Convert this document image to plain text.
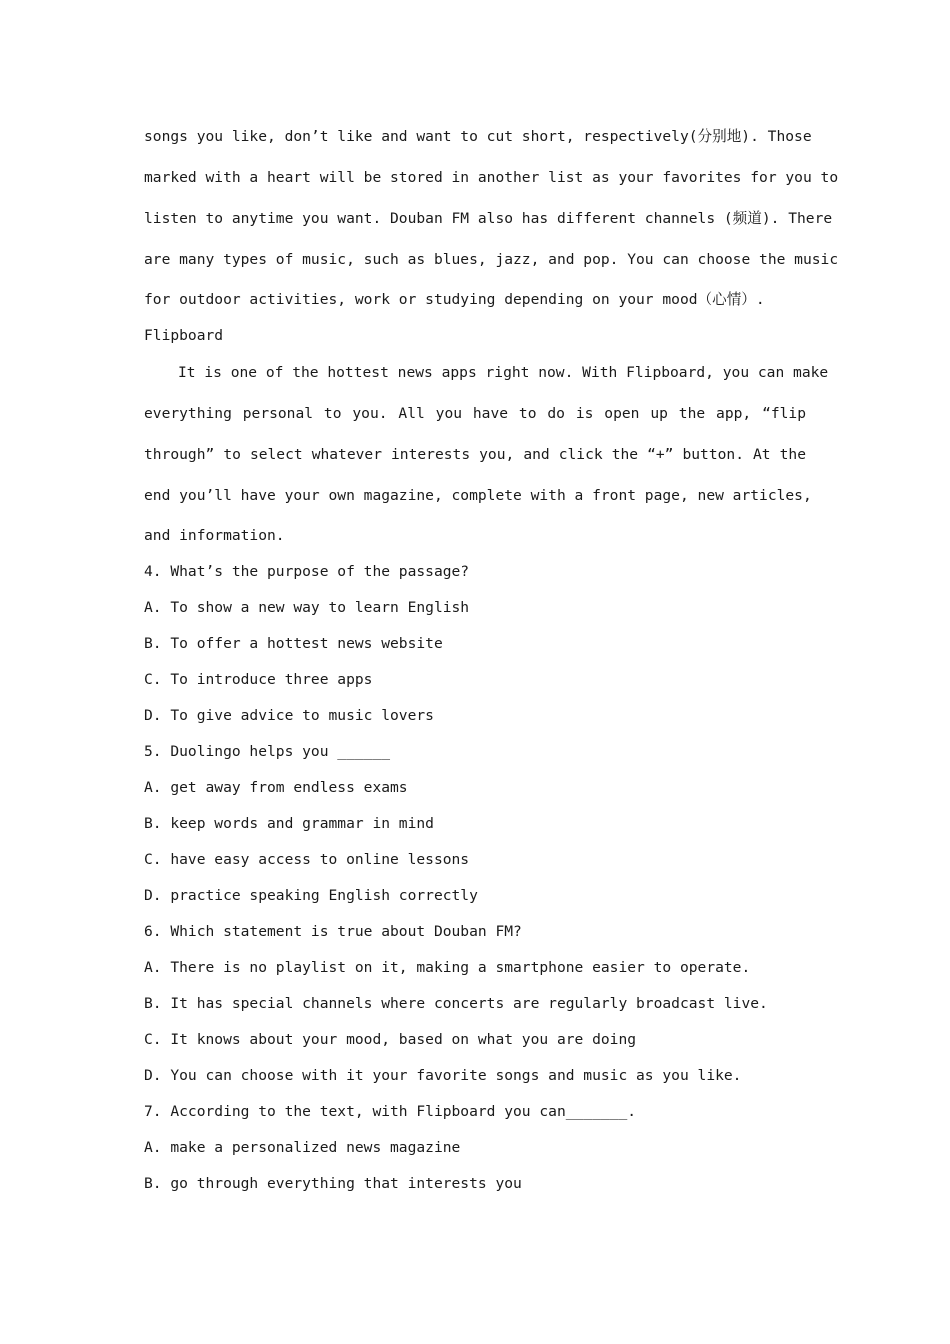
songs you like, don’t like and want to cut short, respectively(分别地). Those
marked with a heart will be stored in another list as your favorites for you to
listen to anytime you want. Douban FM also has different channels (频道). There
are many types of music, such as blues, jazz, and pop. You can choose the music
for outdoor activities, work or studying depending on your mood（心情）.
Flipboard
It is one of the hottest news apps right now. With Flipboard, you can make
everything personal to you. All you have to do is open up the app, “flip
through” to select whatever interests you, and click the “+” button. At the
end you’ll have your own magazine, complete with a front page, new articles,
and information.
4. What’s the purpose of the passage?
A. To show a new way to learn English
B. To offer a hottest news website
C. To introduce three apps
D. To give advice to music lovers
5. Duolingo helps you ______
A. get away from endless exams
B. keep words and grammar in mind
C. have easy access to online lessons
D. practice speaking English correctly
6. Which statement is true about Douban FM?
A. There is no playlist on it, making a smartphone easier to operate.
B. It has special channels where concerts are regularly broadcast live.
C. It knows about your mood, based on what you are doing
D. You can choose with it your favorite songs and music as you like.
7. According to the text, with Flipboard you can_______.
A. make a personalized news magazine
B. go through everything that interests you
